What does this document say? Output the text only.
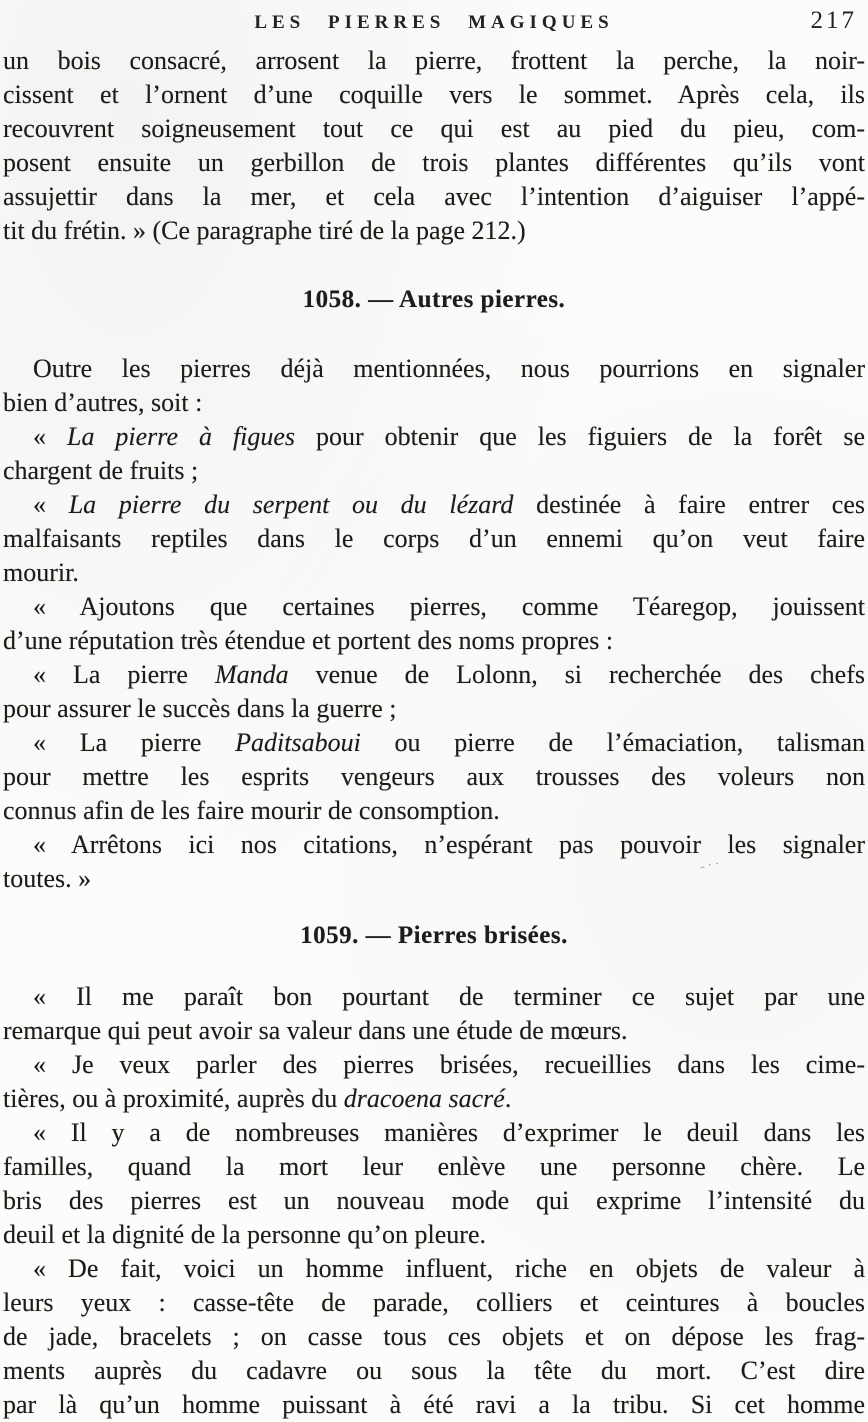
LES PIERRES MAGIQUES	217
un bois consacré, arrosent la pierre, frottent la perche, la noir-
cissent et l’ornent d’une coquille vers le sommet. Après cela, ils
recouvrent soigneusement tout ce qui est au pied du pieu, com-
posent ensuite un gerbillon de trois plantes différentes qu’ils vont
assujettir dans la mer, et cela avec l’intention d’aiguiser l’appé-
tit du frétin. » (Ce paragraphe tiré de la page 212.)
1058. — Autres pierres.
Outre les pierres déjà mentionnées, nous pourrions en signaler
bien d’autres, soit :
« La pierre à figues pour obtenir que les figuiers de la forêt se
chargent de fruits ;
« La pierre du serpent ou du lézard destinée à faire entrer ces
malfaisants reptiles dans le corps d’un ennemi qu’on veut faire
mourir.
« Ajoutons que certaines pierres, comme Téaregop, jouissent
d’une réputation très étendue et portent des noms propres :
« La pierre Manda venue de Lolonn, si recherchée des chefs
pour assurer le succès dans la guerre ;
« La pierre Paditsaboui ou pierre de l’émaciation, talisman
pour mettre les esprits vengeurs aux trousses des voleurs non
connus afin de les faire mourir de consomption.
« Arrêtons ici nos citations, n’espérant pas pouvoir les signaler
toutes. »
1059. — Pierres brisées.
« Il me paraît bon pourtant de terminer ce sujet par une
remarque qui peut avoir sa valeur dans une étude de mœurs.
« Je veux parler des pierres brisées, recueillies dans les cime-
tières, ou à proximité, auprès du dracoena sacré.
« Il y a de nombreuses manières d’exprimer le deuil dans les
familles, quand la mort leur enlève une personne chère. Le
bris des pierres est un nouveau mode qui exprime l’intensité du
deuil et la dignité de la personne qu’on pleure.
« De fait, voici un homme influent, riche en objets de valeur à
leurs yeux : casse-tête de parade, colliers et ceintures à boucles
de jade, bracelets ; on casse tous ces objets et on dépose les frag-
ments auprès du cadavre ou sous la tête du mort. C’est dire
par là qu’un homme puissant à été ravi a la tribu. Si cet homme
-··
